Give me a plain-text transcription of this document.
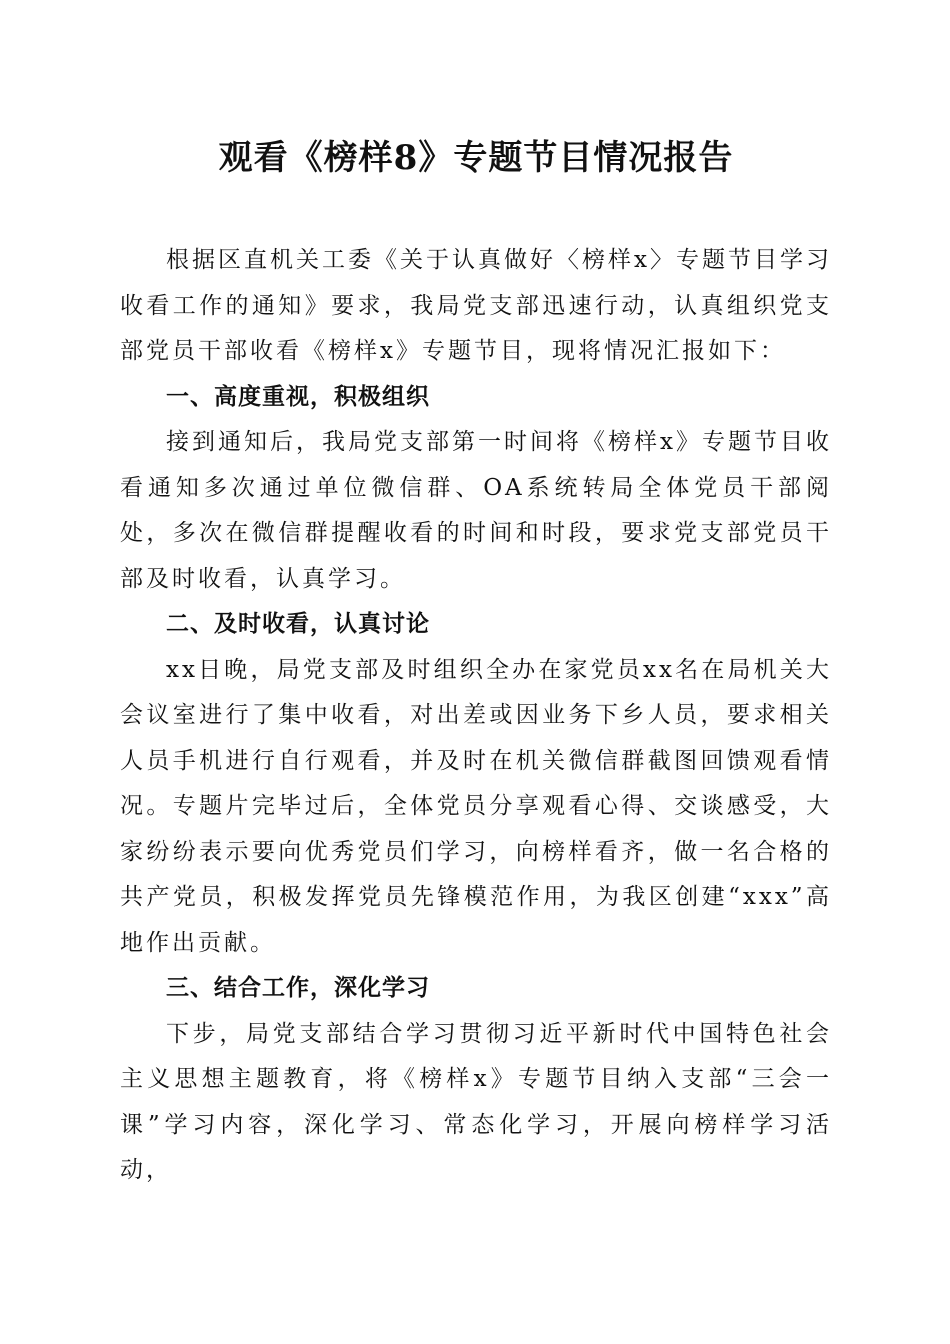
观看《榜样8》专题节目情况报告

根据区直机关工委《关于认真做好〈榜样x〉专题节目学习收看工作的通知》要求，我局党支部迅速行动，认真组织党支部党员干部收看《榜样x》专题节目，现将情况汇报如下：

一、高度重视，积极组织

接到通知后，我局党支部第一时间将《榜样x》专题节目收看通知多次通过单位微信群、OA系统转局全体党员干部阅处，多次在微信群提醒收看的时间和时段，要求党支部党员干部及时收看，认真学习。

二、及时收看，认真讨论

xx日晚，局党支部及时组织全办在家党员xx名在局机关大会议室进行了集中收看，对出差或因业务下乡人员，要求相关人员手机进行自行观看，并及时在机关微信群截图回馈观看情况。专题片完毕过后，全体党员分享观看心得、交谈感受，大家纷纷表示要向优秀党员们学习，向榜样看齐，做一名合格的共产党员，积极发挥党员先锋模范作用，为我区创建“xxx”高地作出贡献。

三、结合工作，深化学习

下步，局党支部结合学习贯彻习近平新时代中国特色社会主义思想主题教育，将《榜样x》专题节目纳入支部“三会一课”学习内容，深化学习、常态化学习，开展向榜样学习活动，
